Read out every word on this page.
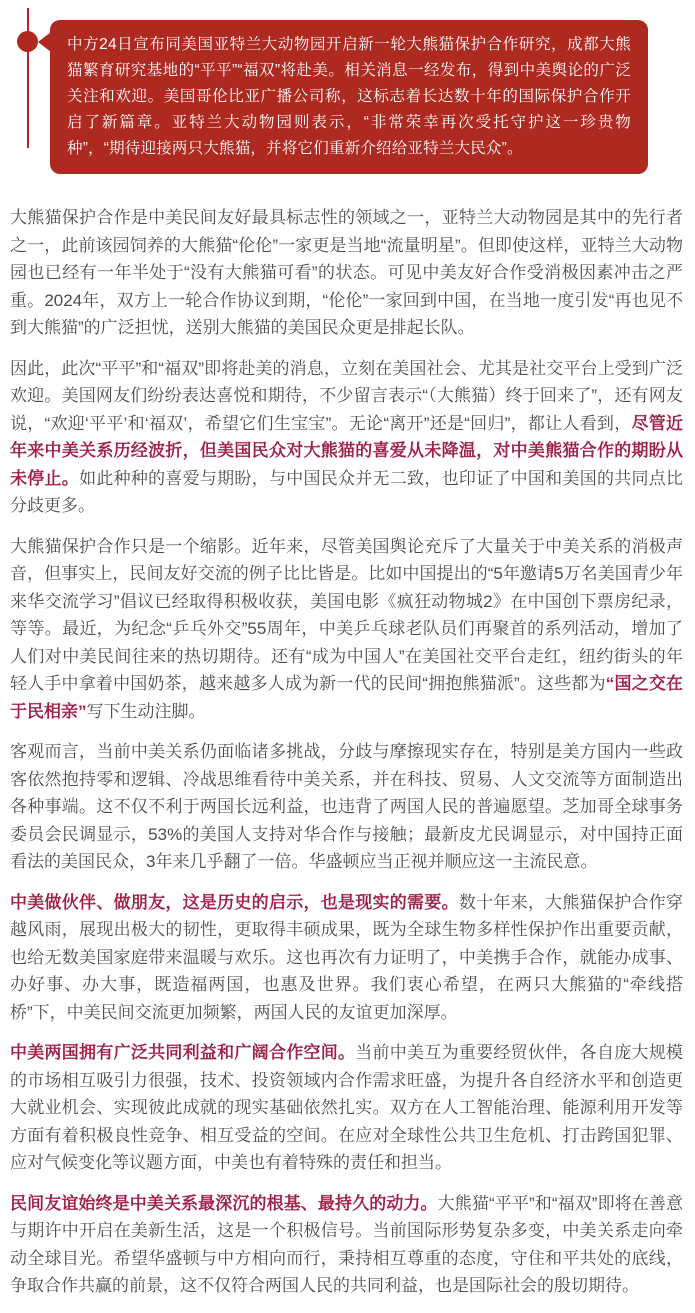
中方24日宣布同美国亚特兰大动物园开启新一轮大熊猫保护合作研究，成都大熊猫繁育研究基地的“平平”“福双”将赴美。相关消息一经发布，得到中美舆论的广泛关注和欢迎。美国哥伦比亚广播公司称，这标志着长达数十年的国际保护合作开启了新篇章。亚特兰大动物园则表示，“非常荣幸再次受托守护这一珍贵物种”，“期待迎接两只大熊猫，并将它们重新介绍给亚特兰大民众”。

大熊猫保护合作是中美民间友好最具标志性的领域之一，亚特兰大动物园是其中的先行者之一，此前该园饲养的大熊猫“伦伦”一家更是当地“流量明星”。但即使这样，亚特兰大动物园也已经有一年半处于“没有大熊猫可看”的状态。可见中美友好合作受消极因素冲击之严重。2024年，双方上一轮合作协议到期，“伦伦”一家回到中国，在当地一度引发“再也见不到大熊猫”的广泛担忧，送别大熊猫的美国民众更是排起长队。

因此，此次“平平”和“福双”即将赴美的消息，立刻在美国社会、尤其是社交平台上受到广泛欢迎。美国网友们纷纷表达喜悦和期待，不少留言表示“（大熊猫）终于回来了”，还有网友说，“欢迎‘平平’和‘福双’，希望它们生宝宝”。无论“离开”还是“回归”，都让人看到，尽管近年来中美关系历经波折，但美国民众对大熊猫的喜爱从未降温，对中美熊猫合作的期盼从未停止。如此种种的喜爱与期盼，与中国民众并无二致，也印证了中国和美国的共同点比分歧更多。

大熊猫保护合作只是一个缩影。近年来，尽管美国舆论充斥了大量关于中美关系的消极声音，但事实上，民间友好交流的例子比比皆是。比如中国提出的“5年邀请5万名美国青少年来华交流学习”倡议已经取得积极收获，美国电影《疯狂动物城2》在中国创下票房纪录，等等。最近，为纪念“乒乓外交”55周年，中美乒乓球老队员们再聚首的系列活动，增加了人们对中美民间往来的热切期待。还有“成为中国人”在美国社交平台走红，纽约街头的年轻人手中拿着中国奶茶，越来越多人成为新一代的民间“拥抱熊猫派”。这些都为“国之交在于民相亲”写下生动注脚。

客观而言，当前中美关系仍面临诸多挑战，分歧与摩擦现实存在，特别是美方国内一些政客依然抱持零和逻辑、冷战思维看待中美关系，并在科技、贸易、人文交流等方面制造出各种事端。这不仅不利于两国长远利益，也违背了两国人民的普遍愿望。芝加哥全球事务委员会民调显示，53%的美国人支持对华合作与接触；最新皮尤民调显示，对中国持正面看法的美国民众，3年来几乎翻了一倍。华盛顿应当正视并顺应这一主流民意。

中美做伙伴、做朋友，这是历史的启示，也是现实的需要。数十年来，大熊猫保护合作穿越风雨，展现出极大的韧性，更取得丰硕成果，既为全球生物多样性保护作出重要贡献，也给无数美国家庭带来温暖与欢乐。这也再次有力证明了，中美携手合作，就能办成事、办好事、办大事，既造福两国，也惠及世界。我们衷心希望，在两只大熊猫的“牵线搭桥”下，中美民间交流更加频繁，两国人民的友谊更加深厚。

中美两国拥有广泛共同利益和广阔合作空间。当前中美互为重要经贸伙伴，各自庞大规模的市场相互吸引力很强，技术、投资领域内合作需求旺盛，为提升各自经济水平和创造更大就业机会、实现彼此成就的现实基础依然扎实。双方在人工智能治理、能源利用开发等方面有着积极良性竞争、相互受益的空间。在应对全球性公共卫生危机、打击跨国犯罪、应对气候变化等议题方面，中美也有着特殊的责任和担当。

民间友谊始终是中美关系最深沉的根基、最持久的动力。大熊猫“平平”和“福双”即将在善意与期许中开启在美新生活，这是一个积极信号。当前国际形势复杂多变，中美关系走向牵动全球目光。希望华盛顿与中方相向而行，秉持相互尊重的态度，守住和平共处的底线，争取合作共赢的前景，这不仅符合两国人民的共同利益，也是国际社会的殷切期待。
